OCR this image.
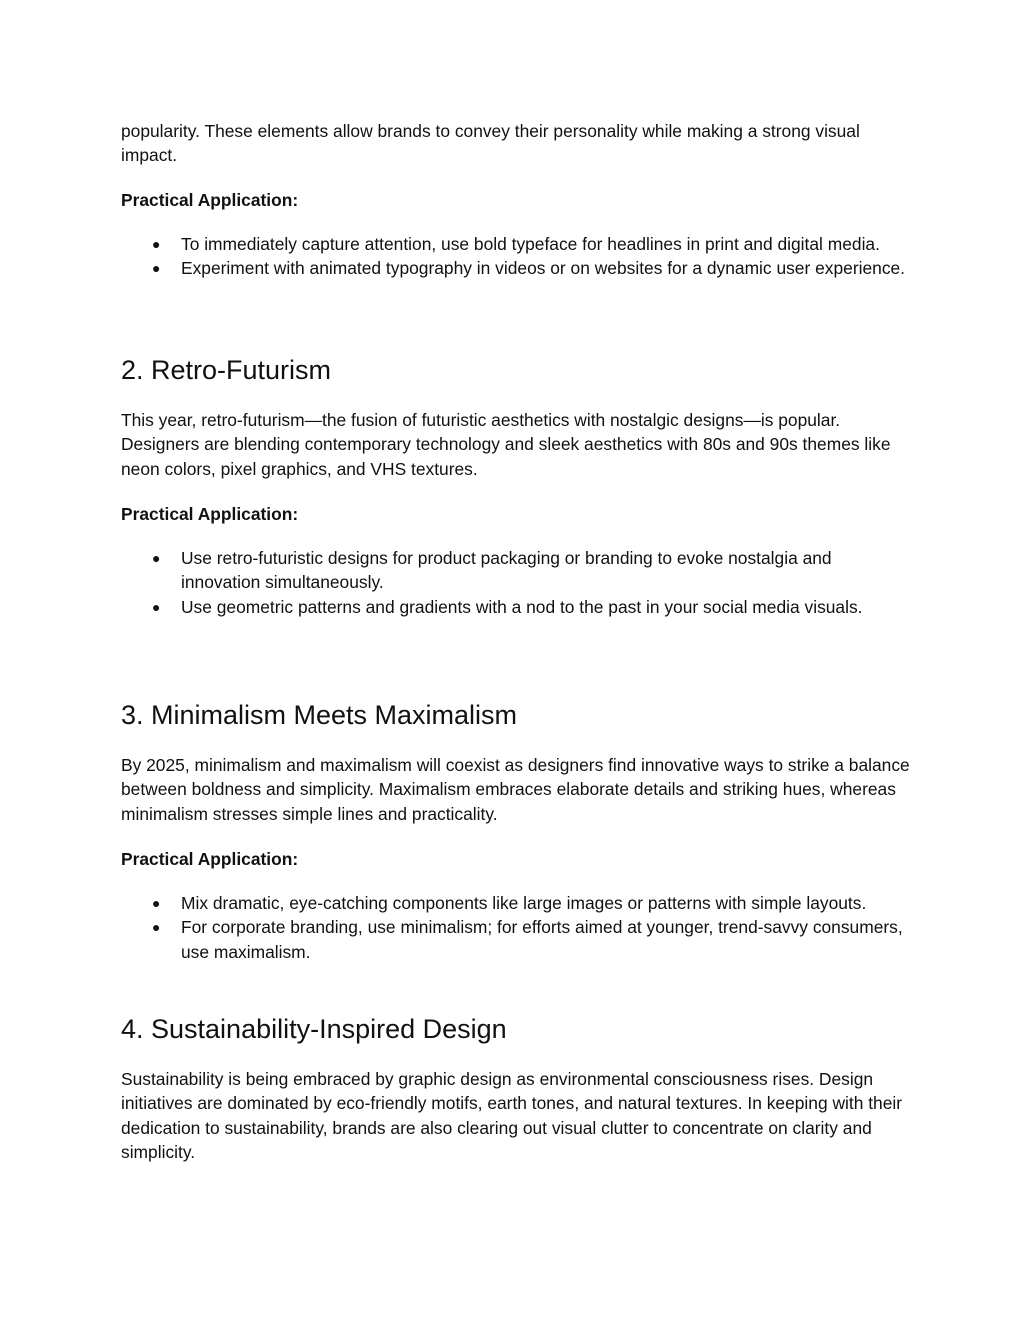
popularity. These elements allow brands to convey their personality while making a strong visual impact.

Practical Application:

● To immediately capture attention, use bold typeface for headlines in print and digital media.
● Experiment with animated typography in videos or on websites for a dynamic user experience.
2. Retro-Futurism

This year, retro-futurism—the fusion of futuristic aesthetics with nostalgic designs—is popular. Designers are blending contemporary technology and sleek aesthetics with 80s and 90s themes like neon colors, pixel graphics, and VHS textures.

Practical Application:

● Use retro-futuristic designs for product packaging or branding to evoke nostalgia and innovation simultaneously.
● Use geometric patterns and gradients with a nod to the past in your social media visuals.
3. Minimalism Meets Maximalism

By 2025, minimalism and maximalism will coexist as designers find innovative ways to strike a balance between boldness and simplicity. Maximalism embraces elaborate details and striking hues, whereas minimalism stresses simple lines and practicality.

Practical Application:

● Mix dramatic, eye-catching components like large images or patterns with simple layouts.
● For corporate branding, use minimalism; for efforts aimed at younger, trend-savvy consumers, use maximalism.
4. Sustainability-Inspired Design

Sustainability is being embraced by graphic design as environmental consciousness rises. Design initiatives are dominated by eco-friendly motifs, earth tones, and natural textures. In keeping with their dedication to sustainability, brands are also clearing out visual clutter to concentrate on clarity and simplicity.
